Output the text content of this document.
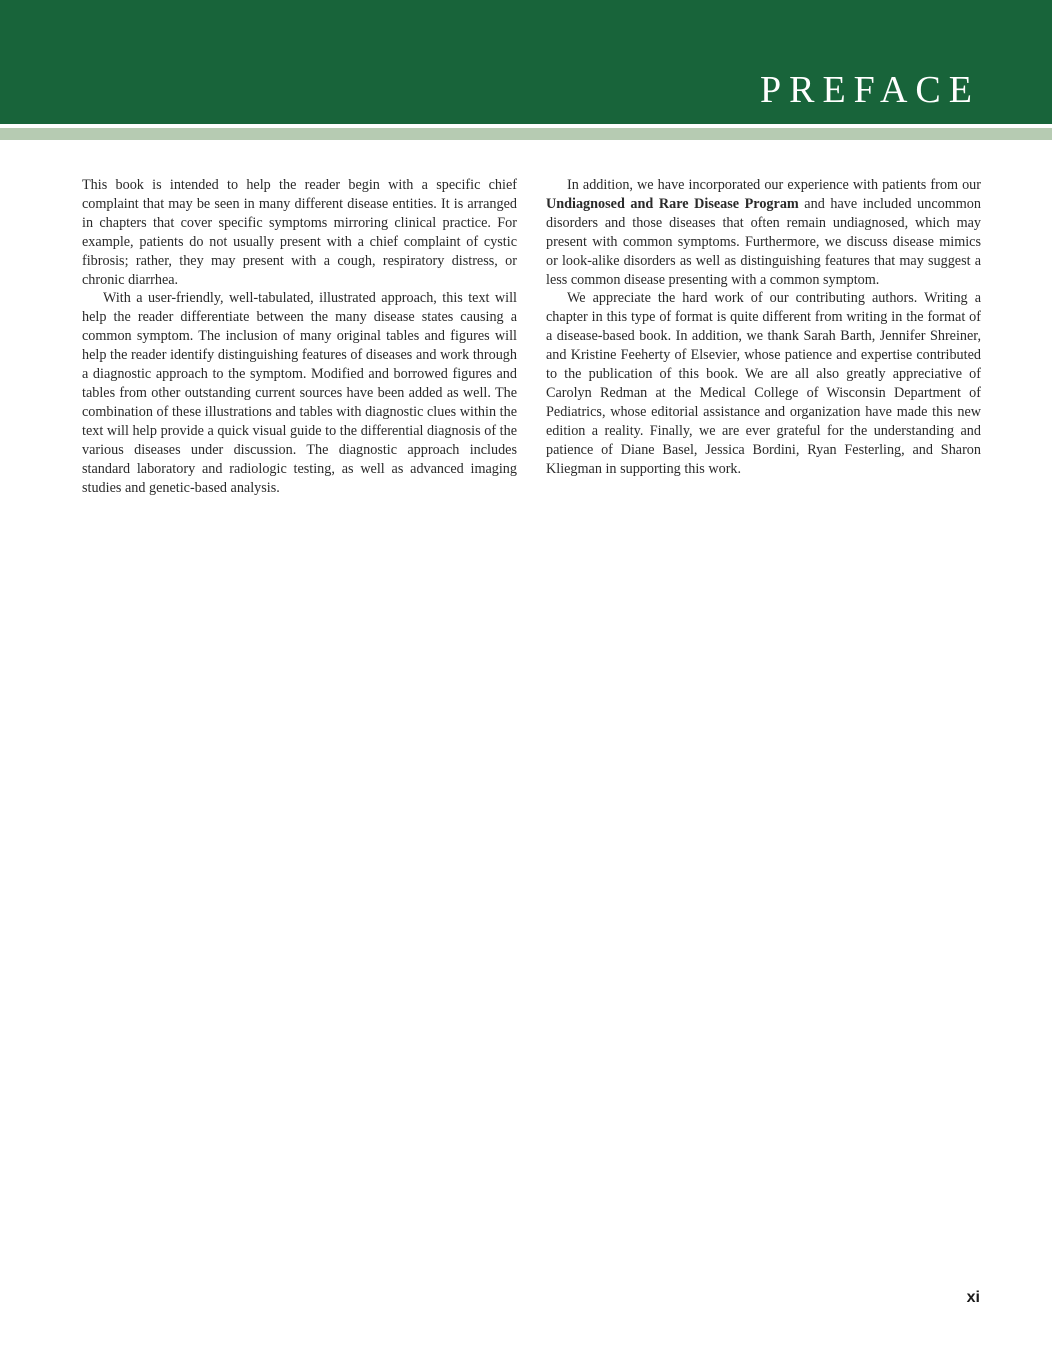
PREFACE

This book is intended to help the reader begin with a specific chief complaint that may be seen in many different disease entities. It is arranged in chapters that cover specific symptoms mirroring clinical practice. For example, patients do not usually present with a chief complaint of cystic fibrosis; rather, they may present with a cough, respiratory distress, or chronic diarrhea.

With a user-friendly, well-tabulated, illustrated approach, this text will help the reader differentiate between the many disease states causing a common symptom. The inclusion of many original tables and figures will help the reader identify distinguishing features of diseases and work through a diagnostic approach to the symptom. Modified and borrowed figures and tables from other outstanding current sources have been added as well. The combination of these illustrations and tables with diagnostic clues within the text will help provide a quick visual guide to the differential diagnosis of the various diseases under discussion. The diagnostic approach includes standard laboratory and radiologic testing, as well as advanced imaging studies and genetic-based analysis.

In addition, we have incorporated our experience with patients from our Undiagnosed and Rare Disease Program and have included uncommon disorders and those diseases that often remain undiagnosed, which may present with common symptoms. Furthermore, we discuss disease mimics or look-alike disorders as well as distinguishing features that may suggest a less common disease presenting with a common symptom.

We appreciate the hard work of our contributing authors. Writing a chapter in this type of format is quite different from writing in the format of a disease-based book. In addition, we thank Sarah Barth, Jennifer Shreiner, and Kristine Feeherty of Elsevier, whose patience and expertise contributed to the publication of this book. We are all also greatly appreciative of Carolyn Redman at the Medical College of Wisconsin Department of Pediatrics, whose editorial assistance and organization have made this new edition a reality. Finally, we are ever grateful for the understanding and patience of Diane Basel, Jessica Bordini, Ryan Festerling, and Sharon Kliegman in supporting this work.

xi
